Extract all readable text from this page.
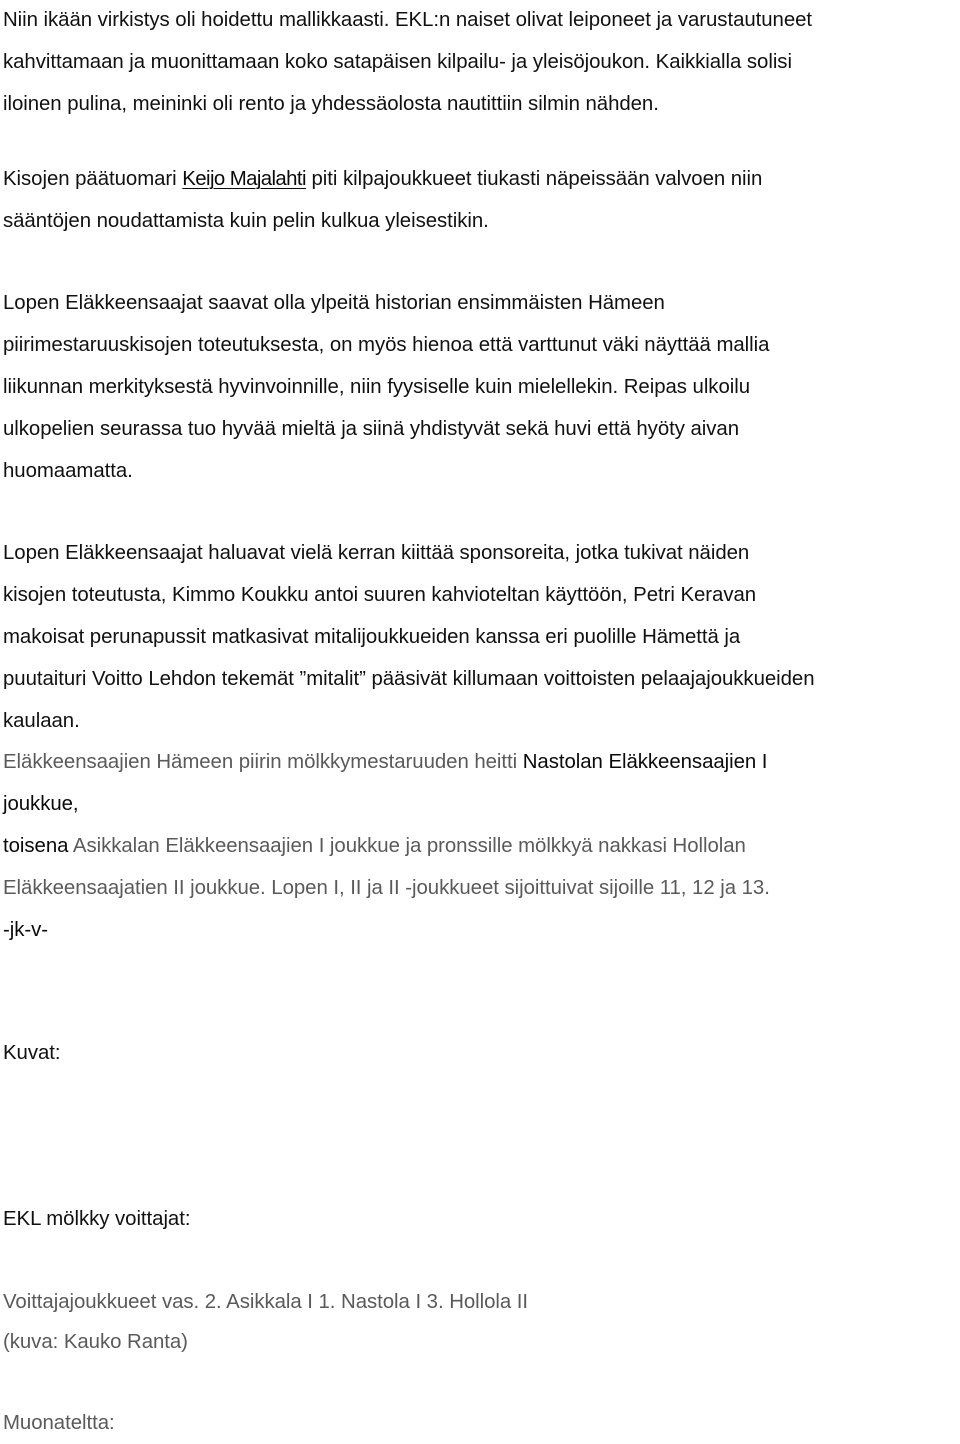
Niin ikään virkistys oli hoidettu mallikkaasti. EKL:n naiset olivat leiponeet ja varustautuneet
kahvittamaan ja muonittamaan koko satapäisen kilpailu- ja yleisöjoukon. Kaikkialla solisi
iloinen pulina, meininki oli rento ja yhdessäolosta nautittiin silmin nähden.

Kisojen päätuomari Keijo Majalahti piti kilpajoukkueet tiukasti näpeissään valvoen niin
sääntöjen noudattamista kuin pelin kulkua yleisestikin.

Lopen Eläkkeensaajat saavat olla ylpeitä historian ensimmäisten Hämeen
piirimestaruuskisojen toteutuksesta, on myös hienoa että varttunut väki näyttää mallia
liikunnan merkityksestä hyvinvoinnille, niin fyysiselle kuin mielellekin. Reipas ulkoilu
ulkopelien seurassa tuo hyvää mieltä ja siinä yhdistyvät sekä huvi että hyöty aivan
huomaamatta.

Lopen Eläkkeensaajat haluavat vielä kerran kiittää sponsoreita, jotka tukivat näiden
kisojen toteutusta, Kimmo Koukku antoi suuren kahvioteltan käyttöön, Petri Keravan
makoisat perunapussit matkasivat mitalijoukkueiden kanssa eri puolille Hämettä ja
puutaituri Voitto Lehdon tekemät ”mitalit” pääsivät killumaan voittoisten pelaajajoukkueiden
kaulaan.

Eläkkeensaajien Hämeen piirin mölkkymestaruuden heitti Nastolan Eläkkeensaajien I
joukkue,
toisena Asikkalan Eläkkeensaajien I joukkue ja pronssille mölkkyä nakkasi Hollolan
Eläkkeensaajatien II joukkue. Lopen I, II ja II -joukkueet sijoittuivat sijoille 11, 12 ja 13.
-jk-v-

Kuvat:

EKL mölkky voittajat:

Voittajajoukkueet vas. 2. Asikkala I 1. Nastola I 3. Hollola II
(kuva: Kauko Ranta)

Muonateltta:
